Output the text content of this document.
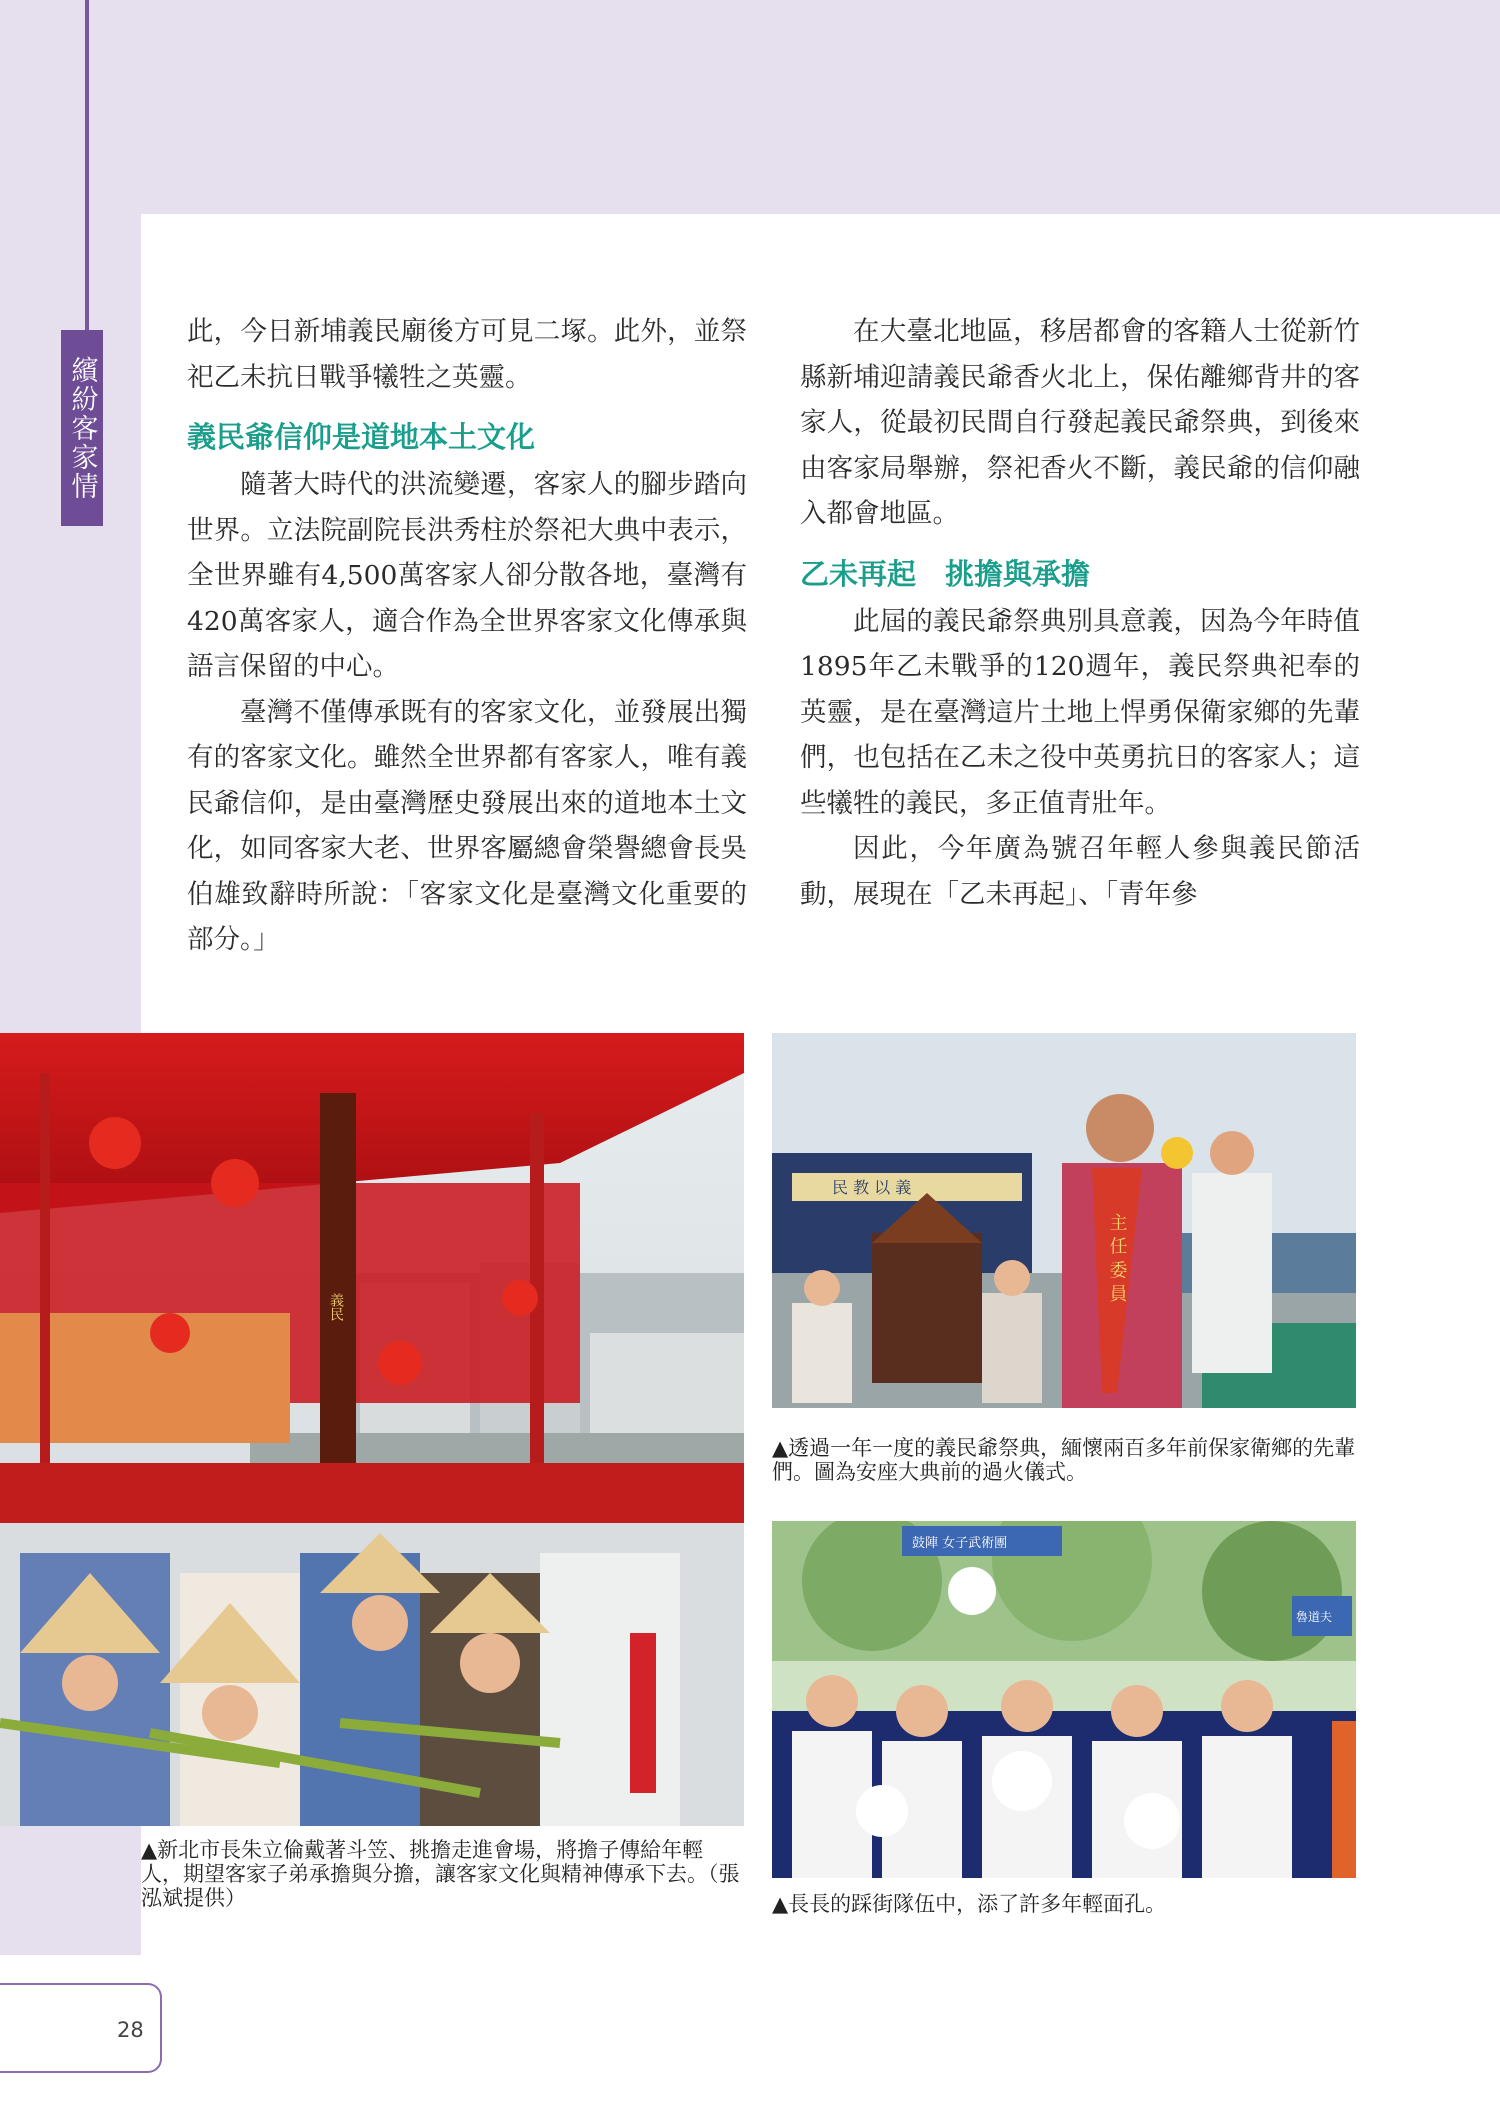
繽紛客家情

此，今日新埔義民廟後方可見二塚。此外，並祭祀乙未抗日戰爭犧牲之英靈。

義民爺信仰是道地本土文化

隨著大時代的洪流變遷，客家人的腳步踏向世界。立法院副院長洪秀柱於祭祀大典中表示，全世界雖有4,500萬客家人卻分散各地，臺灣有420萬客家人，適合作為全世界客家文化傳承與語言保留的中心。

臺灣不僅傳承既有的客家文化，並發展出獨有的客家文化。雖然全世界都有客家人，唯有義民爺信仰，是由臺灣歷史發展出來的道地本土文化，如同客家大老、世界客屬總會榮譽總會長吳伯雄致辭時所說：「客家文化是臺灣文化重要的部分。」

在大臺北地區，移居都會的客籍人士從新竹縣新埔迎請義民爺香火北上，保佑離鄉背井的客家人，從最初民間自行發起義民爺祭典，到後來由客家局舉辦，祭祀香火不斷，義民爺的信仰融入都會地區。

乙未再起　挑擔與承擔

此屆的義民爺祭典別具意義，因為今年時值1895年乙未戰爭的120週年，義民祭典祀奉的英靈，是在臺灣這片土地上悍勇保衛家鄉的先輩們，也包括在乙未之役中英勇抗日的客家人；這些犧牲的義民，多正值青壯年。

因此，今年廣為號召年輕人參與義民節活動，展現在「乙未再起」、「青年參

義民
▲新北市長朱立倫戴著斗笠、挑擔走進會場，將擔子傳給年輕人，期望客家子弟承擔與分擔，讓客家文化與精神傳承下去。（張泓斌提供）
民 教 以 義
主 任 委 員
▲透過一年一度的義民爺祭典，緬懷兩百多年前保家衛鄉的先輩們。圖為安座大典前的過火儀式。
鼓陣 女子武術團
魯道夫
▲長長的踩街隊伍中，添了許多年輕面孔。
28
